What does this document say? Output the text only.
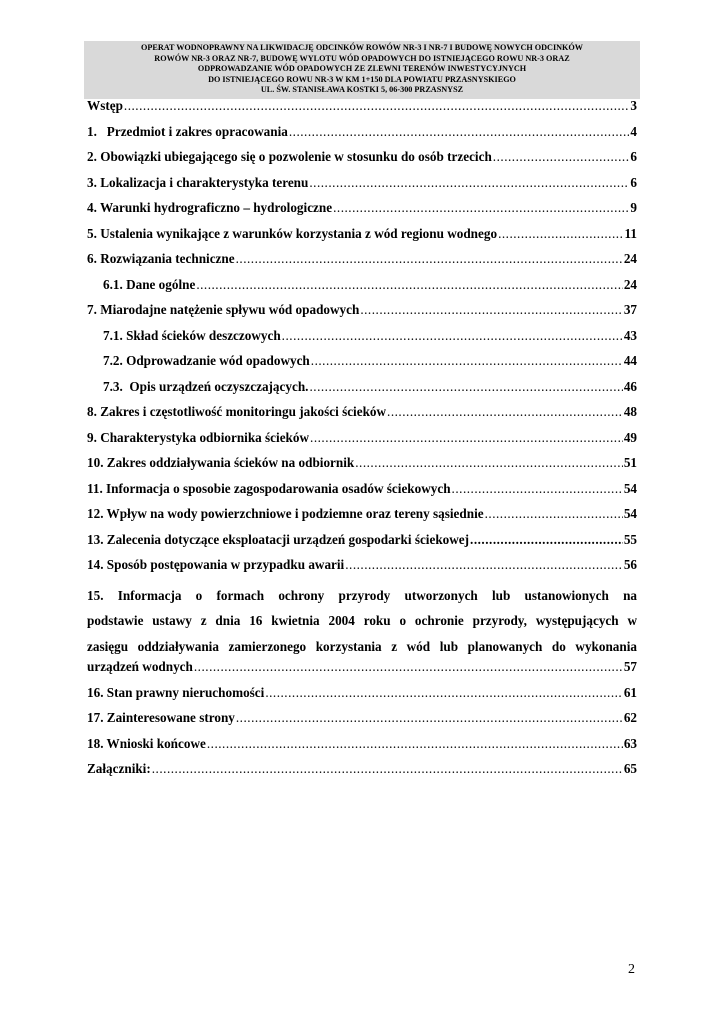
OPERAT WODNOPRAWNY NA LIKWIDACJĘ ODCINKÓW ROWÓW NR-3 I NR-7 I BUDOWĘ NOWYCH ODCINKÓW
ROWÓW NR-3 ORAZ NR-7, BUDOWĘ WYLOTU WÓD OPADOWYCH DO ISTNIEJĄCEGO ROWU NR-3 ORAZ
ODPROWADZANIE WÓD OPADOWYCH ZE ZLEWNI TERENÓW INWESTYCYJNYCH
DO ISTNIEJĄCEGO ROWU NR-3 W KM 1+150 DLA POWIATU PRZASNYSKIEGO
UL. ŚW. STANISŁAWA KOSTKI 5, 06-300 PRZASNYSZ
Wstęp .....	3
1.   Przedmiot i zakres opracowania .....	4
2. Obowiązki ubiegającego się o pozwolenie w stosunku do osób trzecich .....	6
3. Lokalizacja i charakterystyka terenu .....	6
4. Warunki hydrograficzno – hydrologiczne .....	9
5. Ustalenia wynikające z warunków korzystania z wód regionu wodnego .....	11
6. Rozwiązania techniczne .....	24
6.1. Dane ogólne .....	24
7. Miarodajne natężenie spływu wód opadowych .....	37
7.1. Skład ścieków deszczowych .....	43
7.2. Odprowadzanie wód opadowych .....	44
7.3.  Opis urządzeń oczyszczających. .....	46
8. Zakres i częstotliwość monitoringu jakości ścieków .....	48
9. Charakterystyka odbiornika ścieków .....	49
10. Zakres oddziaływania ścieków na odbiornik .....	51
11. Informacja o sposobie zagospodarowania osadów ściekowych .....	54
12. Wpływ na wody powierzchniowe i podziemne oraz tereny sąsiednie .....	54
13. Zalecenia dotyczące eksploatacji urządzeń gospodarki ściekowej .....	55
14. Sposób postępowania w przypadku awarii .....	56
15. Informacja o formach ochrony przyrody utworzonych lub ustanowionych na
podstawie ustawy z dnia 16 kwietnia 2004 roku o ochronie przyrody, występujących w
zasięgu oddziaływania zamierzonego korzystania z wód lub planowanych do wykonania
urządzeń wodnych .....	57
16. Stan prawny nieruchomości .....	61
17. Zainteresowane strony .....	62
18. Wnioski końcowe .....	63
Załączniki: .....	65
2
